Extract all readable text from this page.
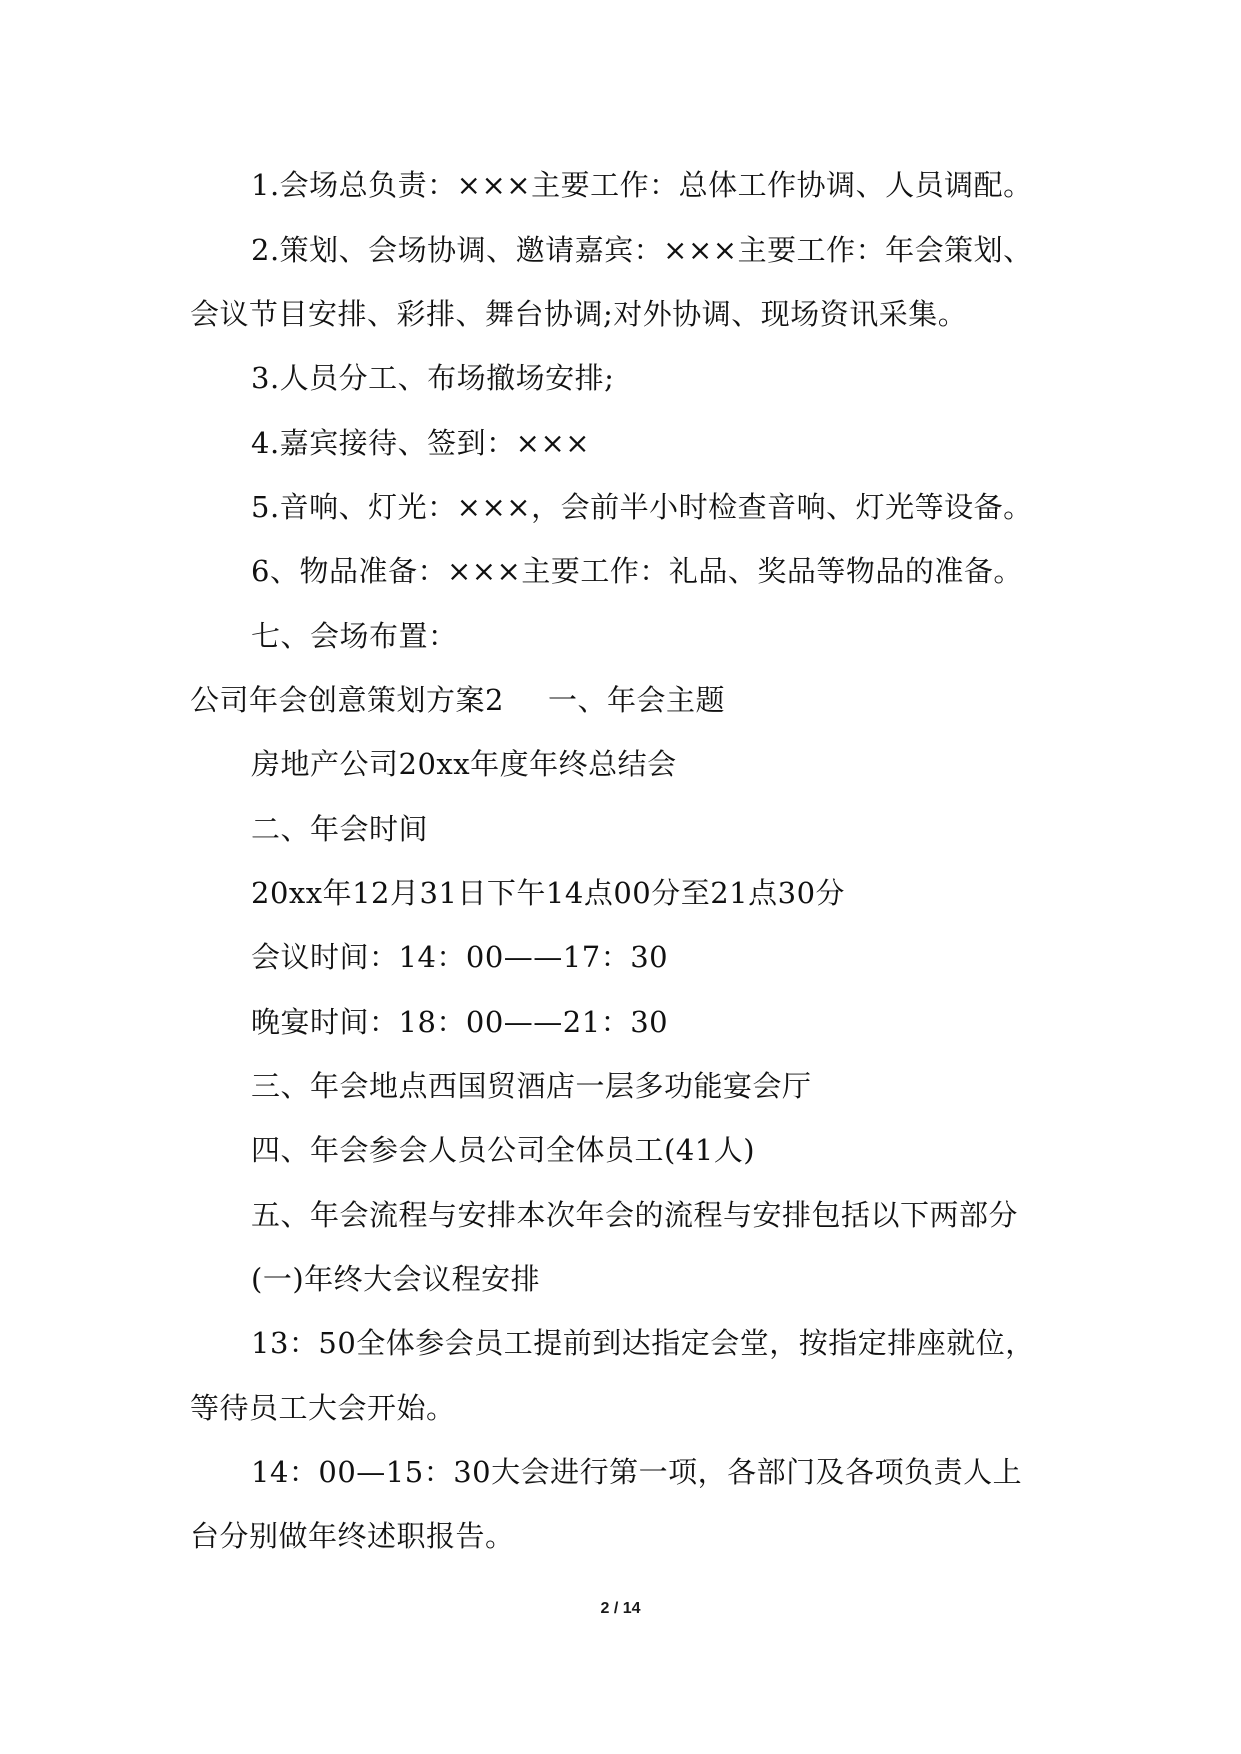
1.会场总负责：×××主要工作：总体工作协调、人员调配。
2.策划、会场协调、邀请嘉宾：×××主要工作：年会策划、
会议节目安排、彩排、舞台协调;对外协调、现场资讯采集。
3.人员分工、布场撤场安排;
4.嘉宾接待、签到：×××
5.音响、灯光：×××，会前半小时检查音响、灯光等设备。
6、物品准备：×××主要工作：礼品、奖品等物品的准备。
七、会场布置：
公司年会创意策划方案2 一、年会主题
房地产公司20xx年度年终总结会
二、年会时间
20xx年12月31日下午14点00分至21点30分
会议时间：14：00——17：30
晚宴时间：18：00——21：30
三、年会地点西国贸酒店一层多功能宴会厅
四、年会参会人员公司全体员工(41人)
五、年会流程与安排本次年会的流程与安排包括以下两部分
(一)年终大会议程安排
13：50全体参会员工提前到达指定会堂，按指定排座就位，
等待员工大会开始。
14：00—15：30大会进行第一项，各部门及各项负责人上
台分别做年终述职报告。
2 / 14
